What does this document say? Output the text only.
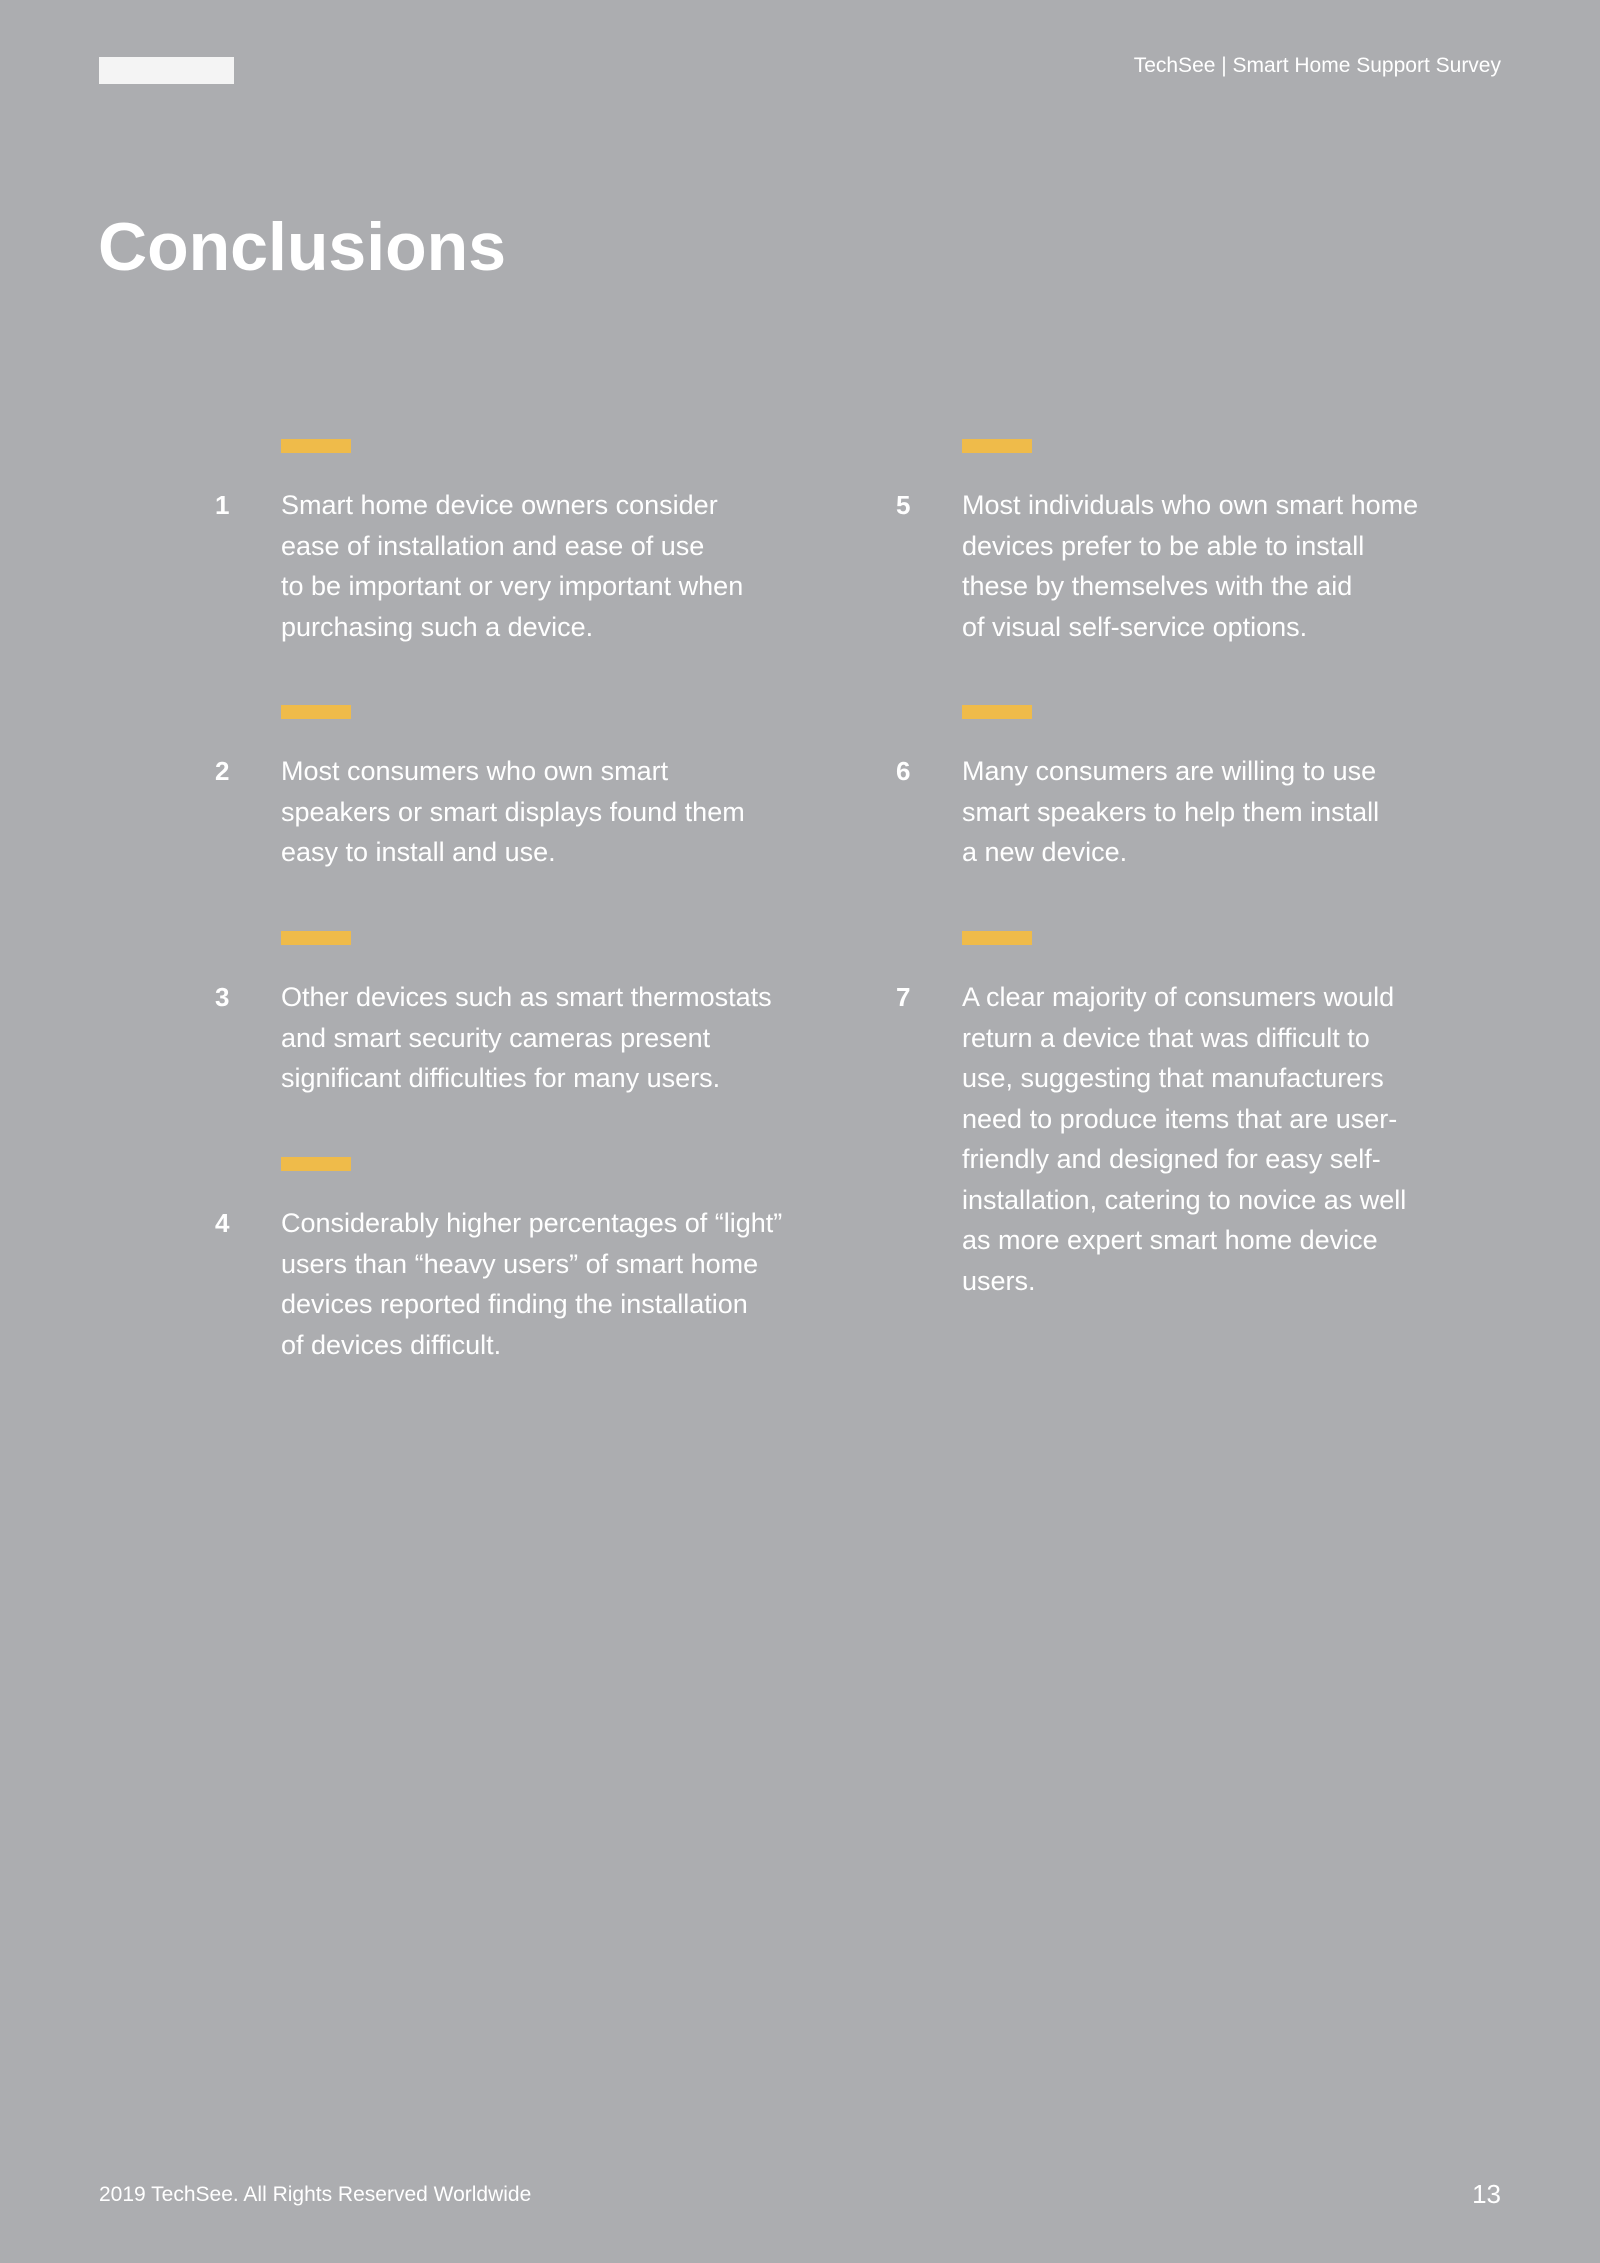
TechSee | Smart Home Support Survey
Conclusions
1 Smart home device owners consider
ease of installation and ease of use
to be important or very important when
purchasing such a device.
2 Most consumers who own smart
speakers or smart displays found them
easy to install and use.
3 Other devices such as smart thermostats
and smart security cameras present
significant difficulties for many users.
4 Considerably higher percentages of “light”
users than “heavy users” of smart home
devices reported finding the installation
of devices difficult.
5 Most individuals who own smart home
devices prefer to be able to install
these by themselves with the aid
of visual self-service options.
6 Many consumers are willing to use
smart speakers to help them install
a new device.
7 A clear majority of consumers would
return a device that was difficult to
use, suggesting that manufacturers
need to produce items that are user-
friendly and designed for easy self-
installation, catering to novice as well
as more expert smart home device
users.
2019 TechSee. All Rights Reserved Worldwide	13
